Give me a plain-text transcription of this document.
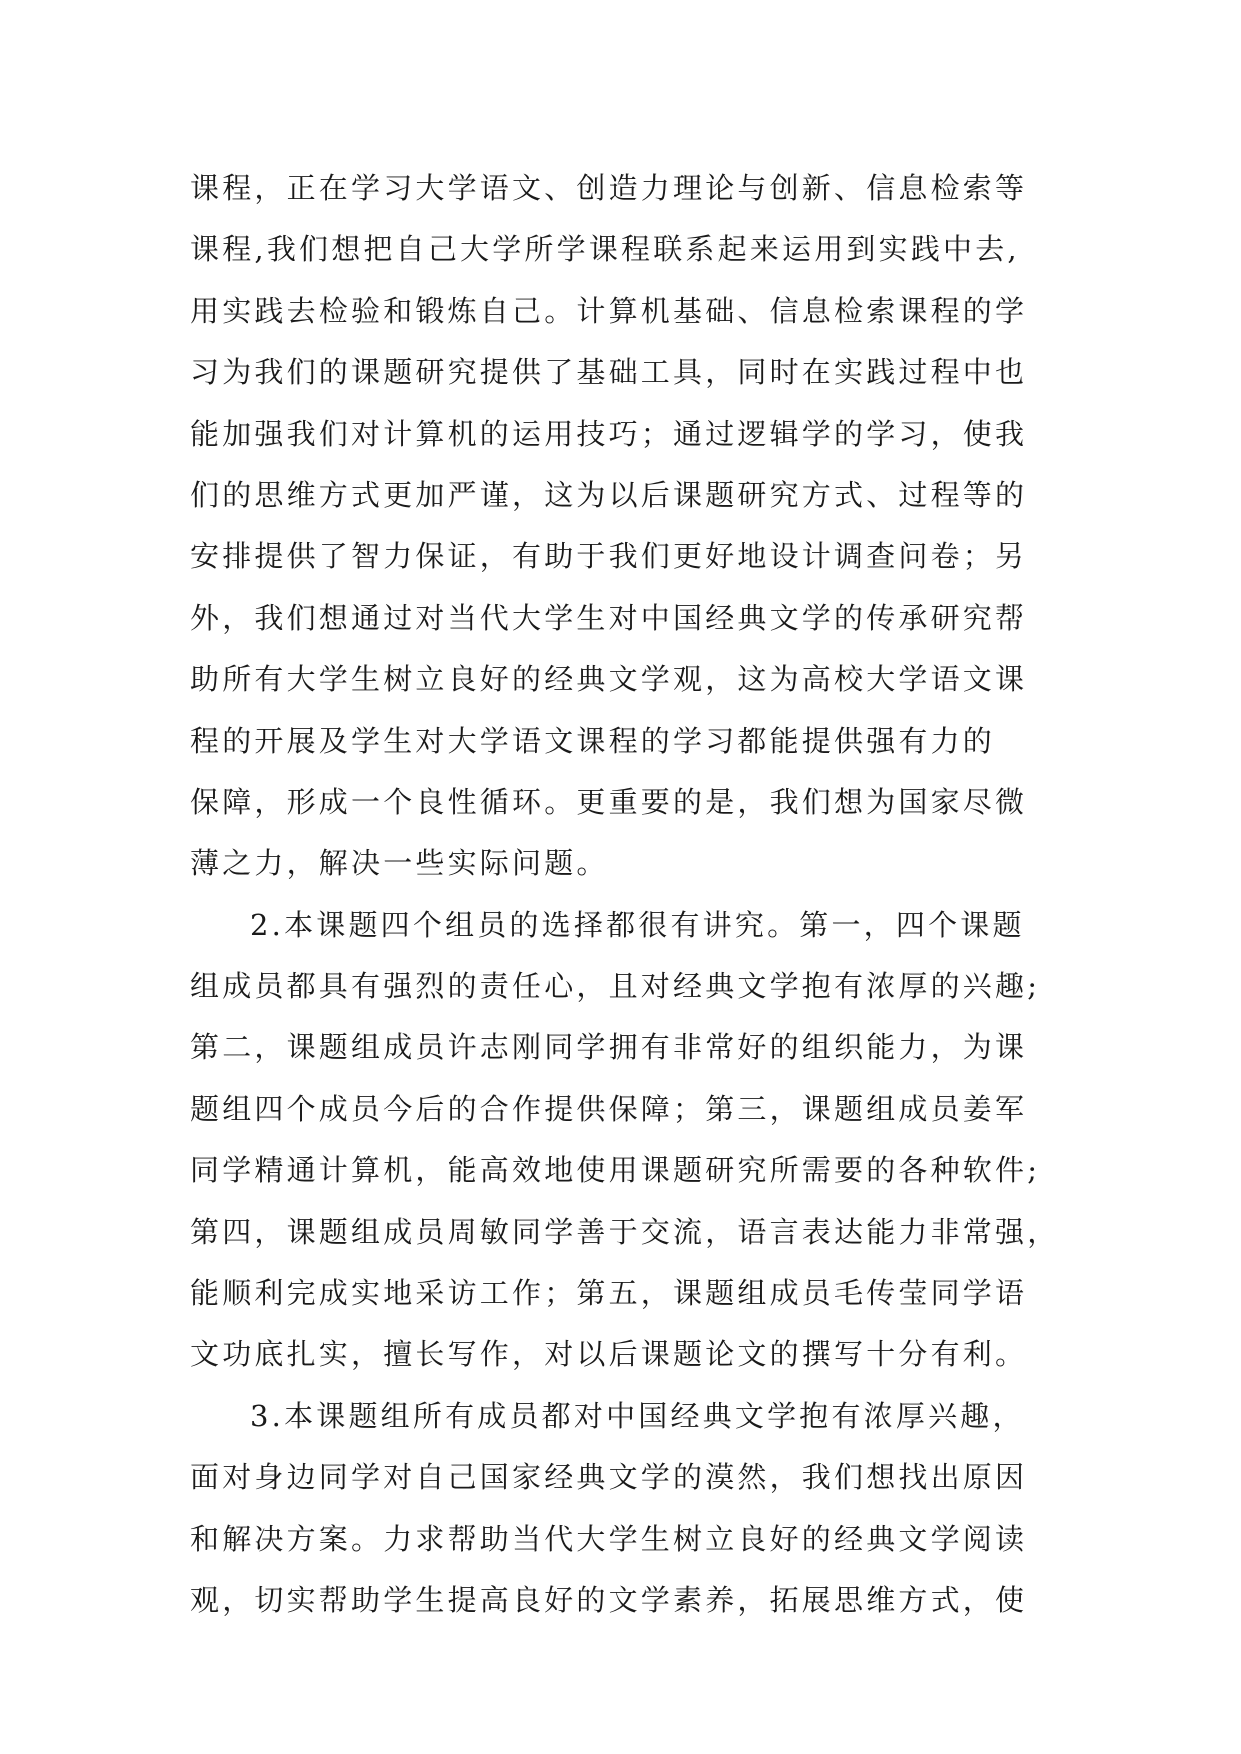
课程，正在学习大学语文、创造力理论与创新、信息检索等
课程,我们想把自己大学所学课程联系起来运用到实践中去,
用实践去检验和锻炼自己。计算机基础、信息检索课程的学
习为我们的课题研究提供了基础工具，同时在实践过程中也
能加强我们对计算机的运用技巧；通过逻辑学的学习，使我
们的思维方式更加严谨，这为以后课题研究方式、过程等的
安排提供了智力保证，有助于我们更好地设计调查问卷；另
外，我们想通过对当代大学生对中国经典文学的传承研究帮
助所有大学生树立良好的经典文学观，这为高校大学语文课
程的开展及学生对大学语文课程的学习都能提供强有力的
保障，形成一个良性循环。更重要的是，我们想为国家尽微
薄之力，解决一些实际问题。
2.本课题四个组员的选择都很有讲究。第一，四个课题
组成员都具有强烈的责任心，且对经典文学抱有浓厚的兴趣;
第二，课题组成员许志刚同学拥有非常好的组织能力，为课
题组四个成员今后的合作提供保障；第三，课题组成员姜军
同学精通计算机，能高效地使用课题研究所需要的各种软件;
第四，课题组成员周敏同学善于交流，语言表达能力非常强，
能顺利完成实地采访工作；第五，课题组成员毛传莹同学语
文功底扎实，擅长写作，对以后课题论文的撰写十分有利。
3.本课题组所有成员都对中国经典文学抱有浓厚兴趣，
面对身边同学对自己国家经典文学的漠然，我们想找出原因
和解决方案。力求帮助当代大学生树立良好的经典文学阅读
观，切实帮助学生提高良好的文学素养，拓展思维方式，使
